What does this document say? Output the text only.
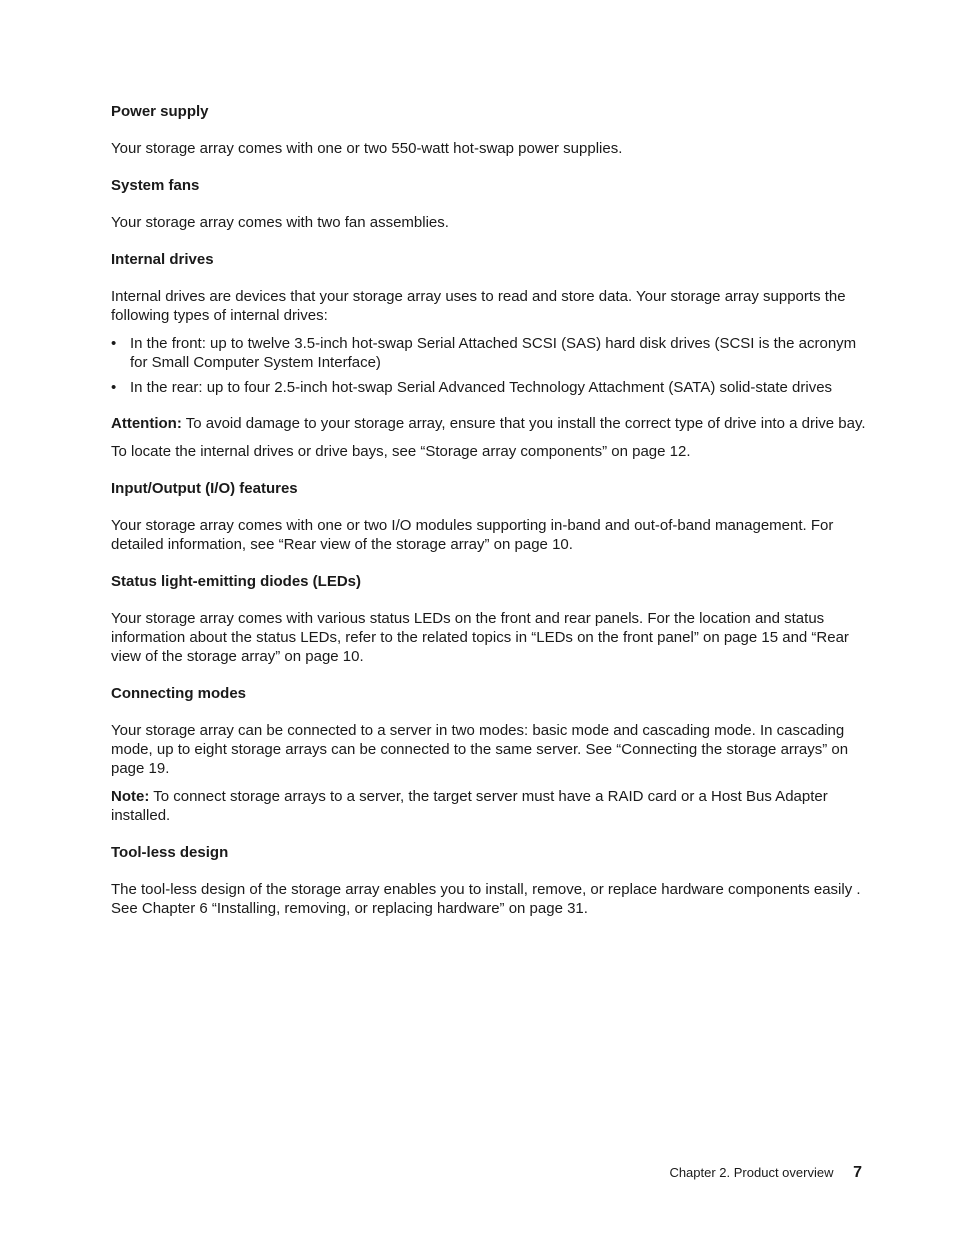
Power supply

Your storage array comes with one or two 550-watt hot-swap power supplies.

System fans

Your storage array comes with two fan assemblies.

Internal drives

Internal drives are devices that your storage array uses to read and store data. Your storage array supports the following types of internal drives:

• In the front: up to twelve 3.5-inch hot-swap Serial Attached SCSI (SAS) hard disk drives (SCSI is the acronym for Small Computer System Interface)
• In the rear: up to four 2.5-inch hot-swap Serial Advanced Technology Attachment (SATA) solid-state drives

Attention: To avoid damage to your storage array, ensure that you install the correct type of drive into a drive bay.

To locate the internal drives or drive bays, see “Storage array components” on page 12.

Input/Output (I/O) features

Your storage array comes with one or two I/O modules supporting in-band and out-of-band management. For detailed information, see “Rear view of the storage array” on page 10.

Status light-emitting diodes (LEDs)

Your storage array comes with various status LEDs on the front and rear panels. For the location and status information about the status LEDs, refer to the related topics in “LEDs on the front panel” on page 15 and “Rear view of the storage array” on page 10.

Connecting modes

Your storage array can be connected to a server in two modes: basic mode and cascading mode. In cascading mode, up to eight storage arrays can be connected to the same server. See “Connecting the storage arrays” on page 19.

Note: To connect storage arrays to a server, the target server must have a RAID card or a Host Bus Adapter installed.

Tool-less design

The tool-less design of the storage array enables you to install, remove, or replace hardware components easily . See Chapter 6 “Installing, removing, or replacing hardware” on page 31.

Chapter 2. Product overview 7
